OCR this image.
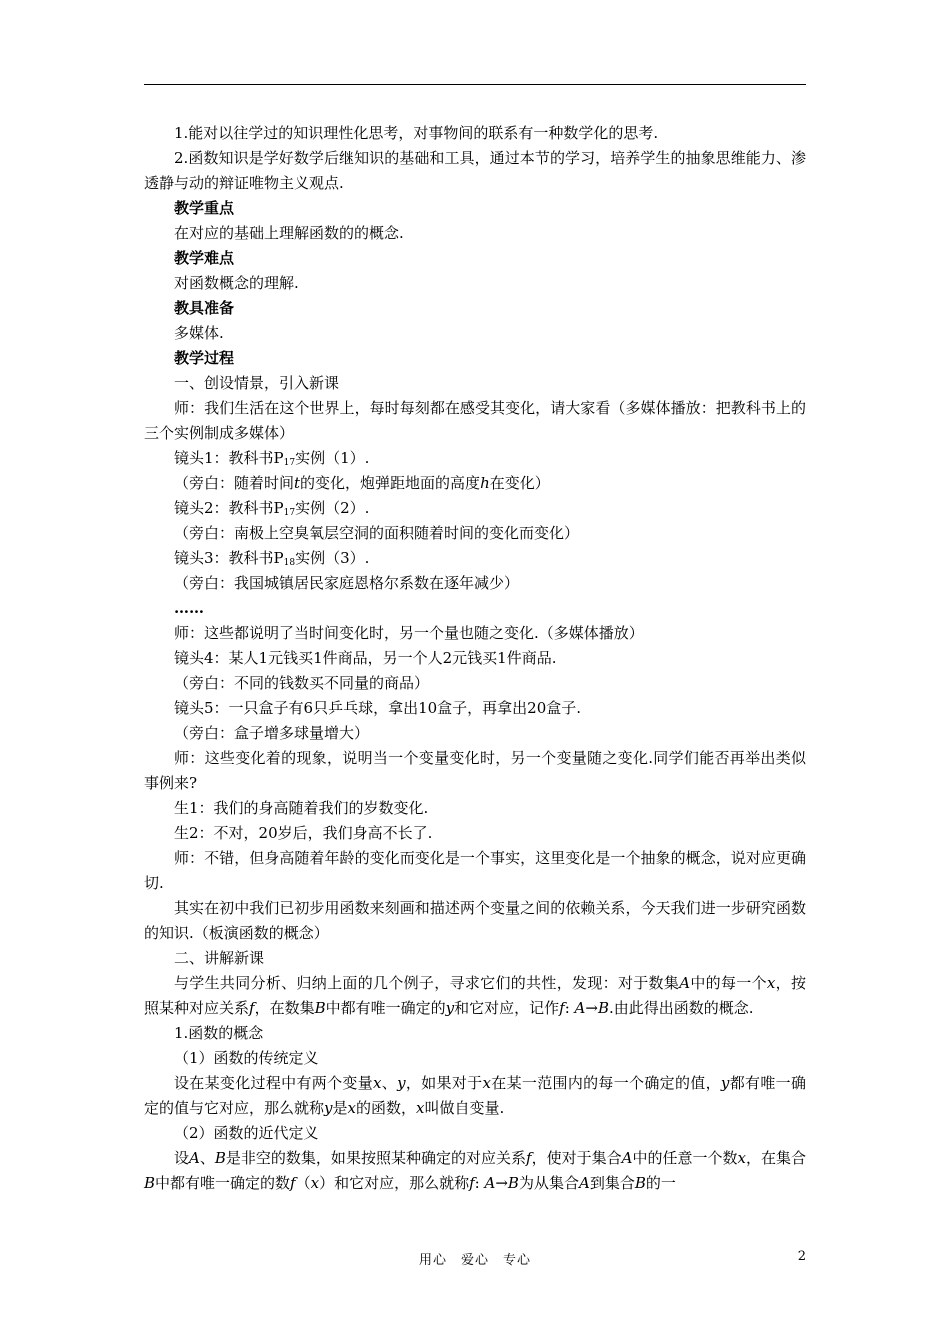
1.能对以往学过的知识理性化思考，对事物间的联系有一种数学化的思考.

2.函数知识是学好数学后继知识的基础和工具，通过本节的学习，培养学生的抽象思维能力、渗透静与动的辩证唯物主义观点.

教学重点

在对应的基础上理解函数的的概念.

教学难点

对函数概念的理解.

教具准备

多媒体.

教学过程

一、创设情景，引入新课

师：我们生活在这个世界上，每时每刻都在感受其变化，请大家看（多媒体播放：把教科书上的三个实例制成多媒体）

镜头1：教科书$P_{17}$实例（1）.

（旁白：随着时间t的变化，炮弹距地面的高度h在变化）

镜头2：教科书$P_{17}$实例（2）.

（旁白：南极上空臭氧层空洞的面积随着时间的变化而变化）

镜头3：教科书$P_{18}$实例（3）.

（旁白：我国城镇居民家庭恩格尔系数在逐年减少）

……

师：这些都说明了当时间变化时，另一个量也随之变化.（多媒体播放）

镜头4：某人1元钱买1件商品，另一个人2元钱买1件商品.

（旁白：不同的钱数买不同量的商品）

镜头5：一只盒子有6只乒乓球，拿出10盒子，再拿出20盒子.

（旁白：盒子增多球量增大）

师：这些变化着的现象，说明当一个变量变化时，另一个变量随之变化.同学们能否再举出类似事例来?

生1：我们的身高随着我们的岁数变化.

生2：不对，20岁后，我们身高不长了.

师：不错，但身高随着年龄的变化而变化是一个事实，这里变化是一个抽象的概念，说对应更确切.

其实在初中我们已初步用函数来刻画和描述两个变量之间的依赖关系，今天我们进一步研究函数的知识.（板演函数的概念）

二、讲解新课

与学生共同分析、归纳上面的几个例子，寻求它们的共性，发现：对于数集A中的每一个x，按照某种对应关系f，在数集B中都有唯一确定的y和它对应，记作f: A→B.由此得出函数的概念.

1.函数的概念

（1）函数的传统定义

设在某变化过程中有两个变量x、y，如果对于x在某一范围内的每一个确定的值，y都有唯一确定的值与它对应，那么就称y是x的函数，x叫做自变量.

（2）函数的近代定义

设A、B是非空的数集，如果按照某种确定的对应关系f，使对于集合A中的任意一个数x，在集合B中都有唯一确定的数f（x）和它对应，那么就称f: A→B为从集合A到集合B的一

用心　爱心　专心	2
